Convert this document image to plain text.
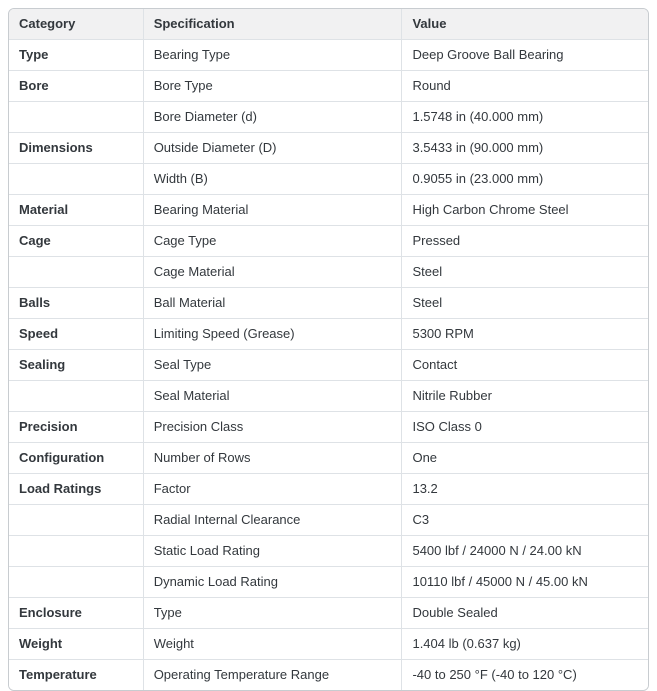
Category	Specification	Value
Type	Bearing Type	Deep Groove Ball Bearing
Bore	Bore Type	Round
	Bore Diameter (d)	1.5748 in (40.000 mm)
Dimensions	Outside Diameter (D)	3.5433 in (90.000 mm)
	Width (B)	0.9055 in (23.000 mm)
Material	Bearing Material	High Carbon Chrome Steel
Cage	Cage Type	Pressed
	Cage Material	Steel
Balls	Ball Material	Steel
Speed	Limiting Speed (Grease)	5300 RPM
Sealing	Seal Type	Contact
	Seal Material	Nitrile Rubber
Precision	Precision Class	ISO Class 0
Configuration	Number of Rows	One
Load Ratings	Factor	13.2
	Radial Internal Clearance	C3
	Static Load Rating	5400 lbf / 24000 N / 24.00 kN
	Dynamic Load Rating	10110 lbf / 45000 N / 45.00 kN
Enclosure	Type	Double Sealed
Weight	Weight	1.404 lb (0.637 kg)
Temperature	Operating Temperature Range	-40 to 250 °F (-40 to 120 °C)
